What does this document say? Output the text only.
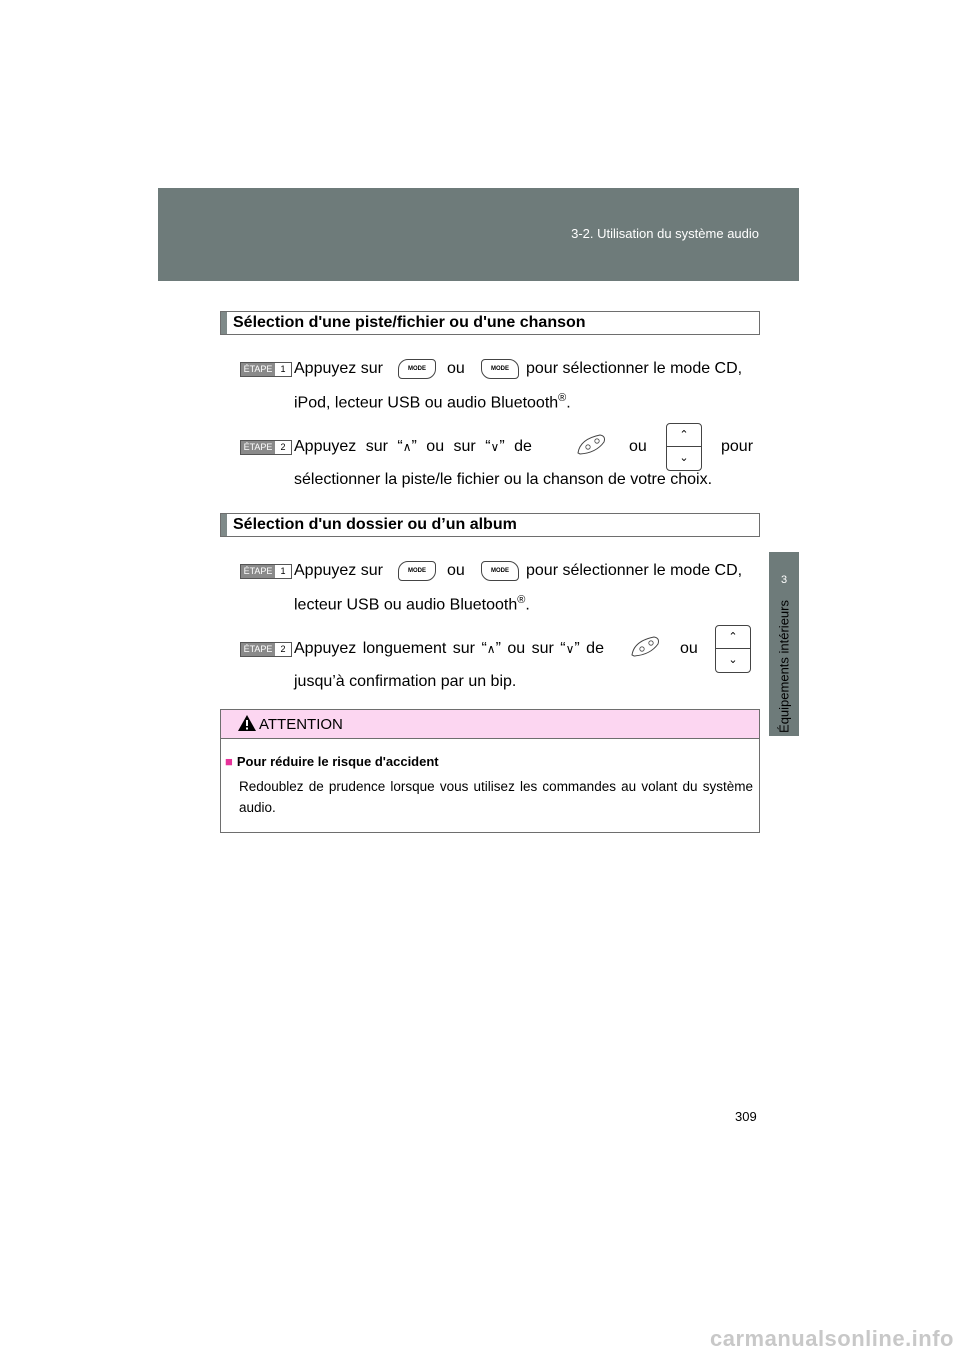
3-2. Utilisation du système audio
3
Équipements intérieurs
Sélection d'une piste/fichier ou d'une chanson
ÉTAPE 1 Appuyez sur	MODE	ou	MODE	pour sélectionner le mode CD,
iPod, lecteur USB ou audio Bluetooth®.
ÉTAPE 2 Appuyez sur “∧” ou sur “∨” de	ou
⌃
⌄
pour
sélectionner la piste/le fichier ou la chanson de votre choix.
Sélection d'un dossier ou d’un album
ÉTAPE 1 Appuyez sur	MODE	ou	MODE	pour sélectionner le mode CD,
lecteur USB ou audio Bluetooth®.
ÉTAPE 2 Appuyez longuement sur “∧” ou sur “∨” de	ou
⌃
⌄
jusqu’à confirmation par un bip.
ATTENTION
■ Pour réduire le risque d'accident
Redoublez de prudence lorsque vous utilisez les commandes au volant du système audio.
309
carmanualsonline.info
